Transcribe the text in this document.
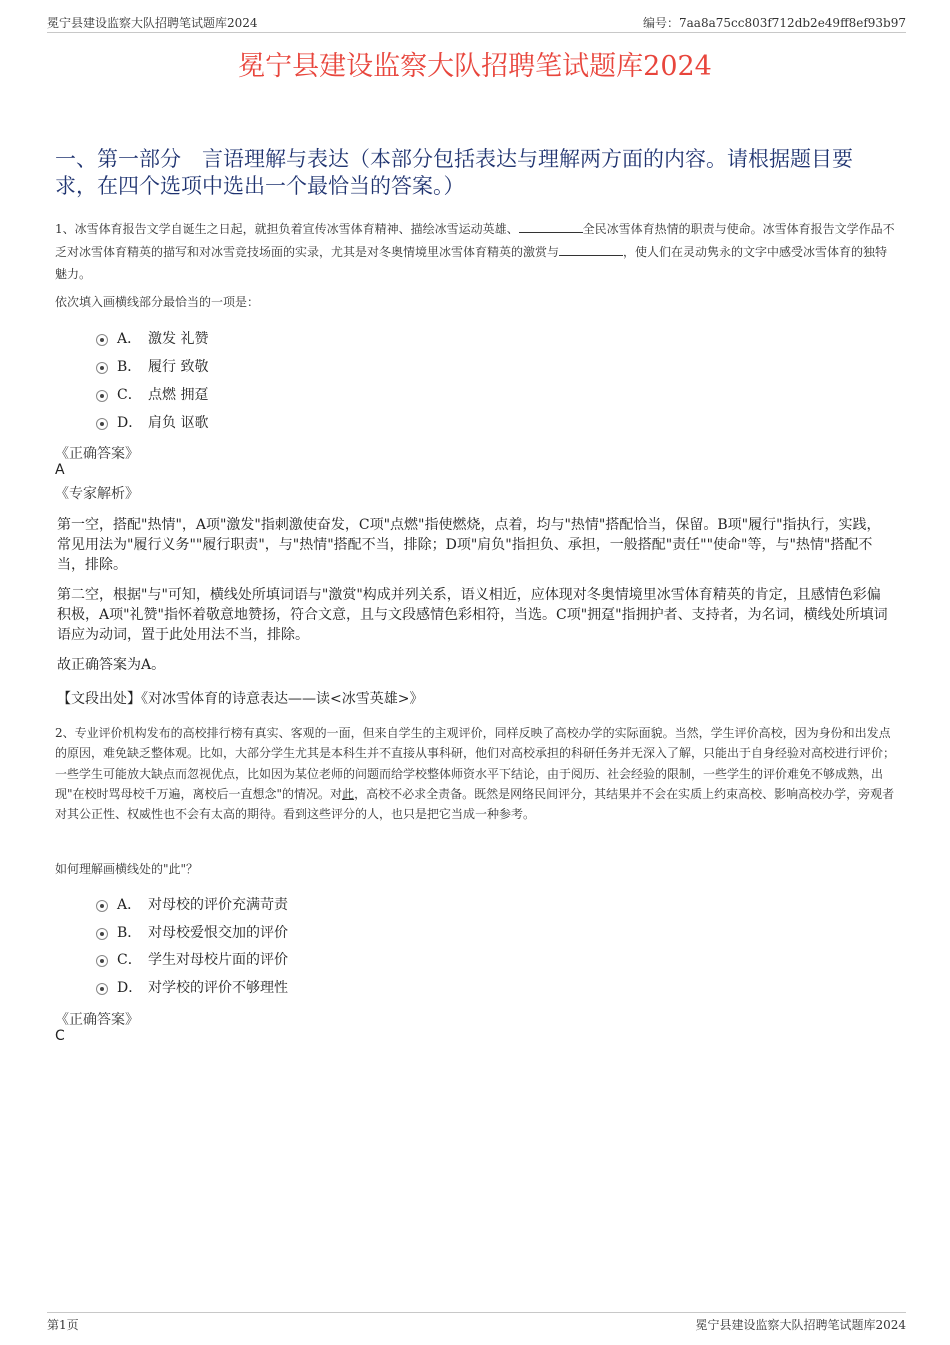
冕宁县建设监察大队招聘笔试题库2024	编号：7aa8a75cc803f712db2e49ff8ef93b97
冕宁县建设监察大队招聘笔试题库2024
一、第一部分　言语理解与表达（本部分包括表达与理解两方面的内容。请根据题目要求，在四个选项中选出一个最恰当的答案。）
1、冰雪体育报告文学自诞生之日起，就担负着宣传冰雪体育精神、描绘冰雪运动英雄、	全民冰雪体育热情的职责与使命。冰雪体育报告文学作品不乏对冰雪体育精英的描写和对冰雪竞技场面的实录，尤其是对冬奥情境里冰雪体育精英的激赏与	，使人们在灵动隽永的文字中感受冰雪体育的独特魅力。
依次填入画横线部分最恰当的一项是：
A． 激发 礼赞
B． 履行 致敬
C． 点燃 拥趸
D． 肩负 讴歌
《正确答案》
A
《专家解析》
第一空，搭配"热情"，A项"激发"指刺激使奋发，C项"点燃"指使燃烧，点着，均与"热情"搭配恰当，保留。B项"履行"指执行，实践，常见用法为"履行义务""履行职责"，与"热情"搭配不当，排除；D项"肩负"指担负、承担，一般搭配"责任""使命"等，与"热情"搭配不当，排除。
第二空，根据"与"可知，横线处所填词语与"激赏"构成并列关系，语义相近，应体现对冬奥情境里冰雪体育精英的肯定，且感情色彩偏积极，A项"礼赞"指怀着敬意地赞扬，符合文意，且与文段感情色彩相符，当选。C项"拥趸"指拥护者、支持者，为名词，横线处所填词语应为动词，置于此处用法不当，排除。
故正确答案为A。
【文段出处】《对冰雪体育的诗意表达——读<冰雪英雄>》
2、专业评价机构发布的高校排行榜有真实、客观的一面，但来自学生的主观评价，同样反映了高校办学的实际面貌。当然，学生评价高校，因为身份和出发点的原因，难免缺乏整体观。比如，大部分学生尤其是本科生并不直接从事科研，他们对高校承担的科研任务并无深入了解，只能出于自身经验对高校进行评价；一些学生可能放大缺点而忽视优点，比如因为某位老师的问题而给学校整体师资水平下结论，由于阅历、社会经验的限制，一些学生的评价难免不够成熟，出现"在校时骂母校千万遍，离校后一直想念"的情况。对此，高校不必求全责备。既然是网络民间评分，其结果并不会在实质上约束高校、影响高校办学，旁观者对其公正性、权威性也不会有太高的期待。看到这些评分的人，也只是把它当成一种参考。
如何理解画横线处的"此"？
A． 对母校的评价充满苛责
B． 对母校爱恨交加的评价
C． 学生对母校片面的评价
D． 对学校的评价不够理性
《正确答案》
C
第1页	冕宁县建设监察大队招聘笔试题库2024
